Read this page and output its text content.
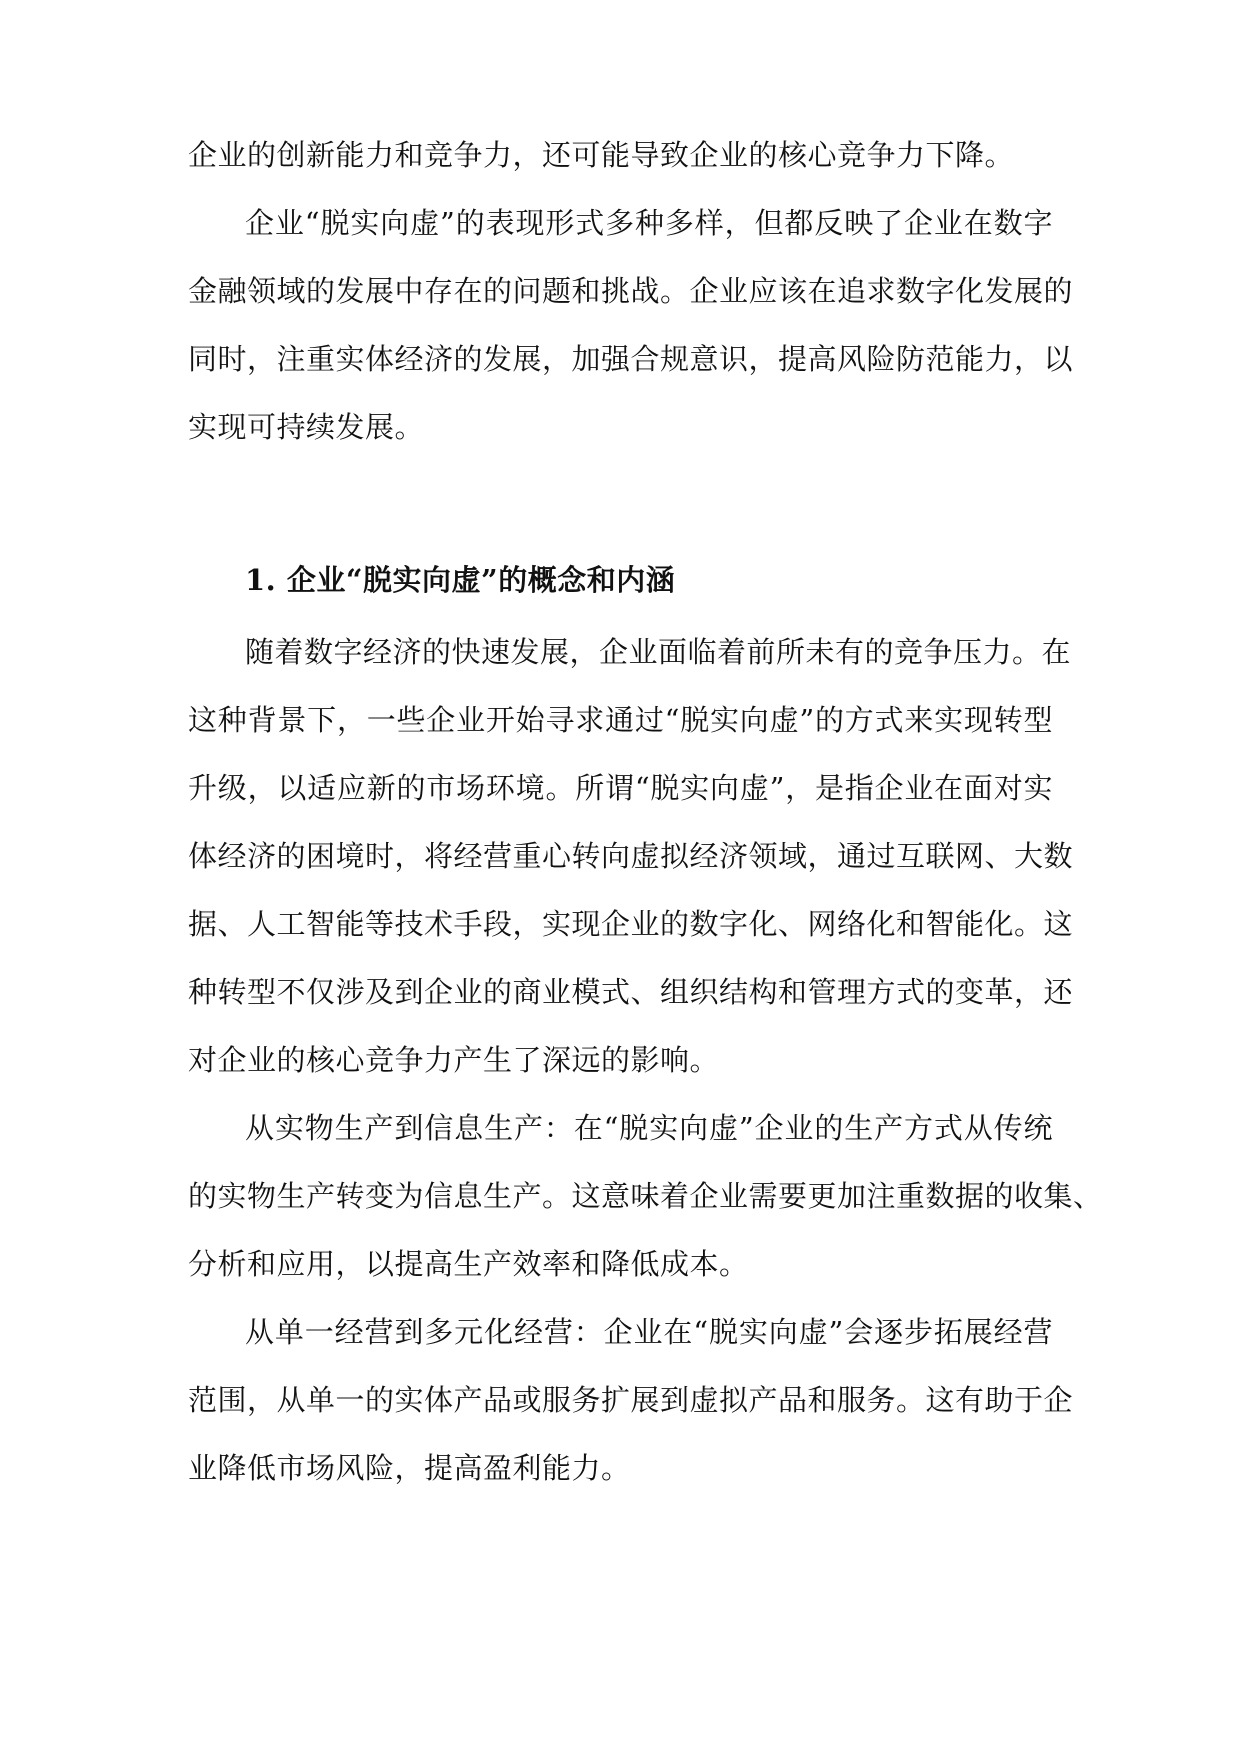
企业的创新能力和竞争力，还可能导致企业的核心竞争力下降。
企业“脱实向虚”的表现形式多种多样，但都反映了企业在数字
金融领域的发展中存在的问题和挑战。企业应该在追求数字化发展的
同时，注重实体经济的发展，加强合规意识，提高风险防范能力，以
实现可持续发展。
1. 企业“脱实向虚”的概念和内涵
随着数字经济的快速发展，企业面临着前所未有的竞争压力。在
这种背景下，一些企业开始寻求通过“脱实向虚”的方式来实现转型
升级，以适应新的市场环境。所谓“脱实向虚”，是指企业在面对实
体经济的困境时，将经营重心转向虚拟经济领域，通过互联网、大数
据、人工智能等技术手段，实现企业的数字化、网络化和智能化。这
种转型不仅涉及到企业的商业模式、组织结构和管理方式的变革，还
对企业的核心竞争力产生了深远的影响。
从实物生产到信息生产：在“脱实向虚”企业的生产方式从传统
的实物生产转变为信息生产。这意味着企业需要更加注重数据的收集、
分析和应用，以提高生产效率和降低成本。
从单一经营到多元化经营：企业在“脱实向虚”会逐步拓展经营
范围，从单一的实体产品或服务扩展到虚拟产品和服务。这有助于企
业降低市场风险，提高盈利能力。
